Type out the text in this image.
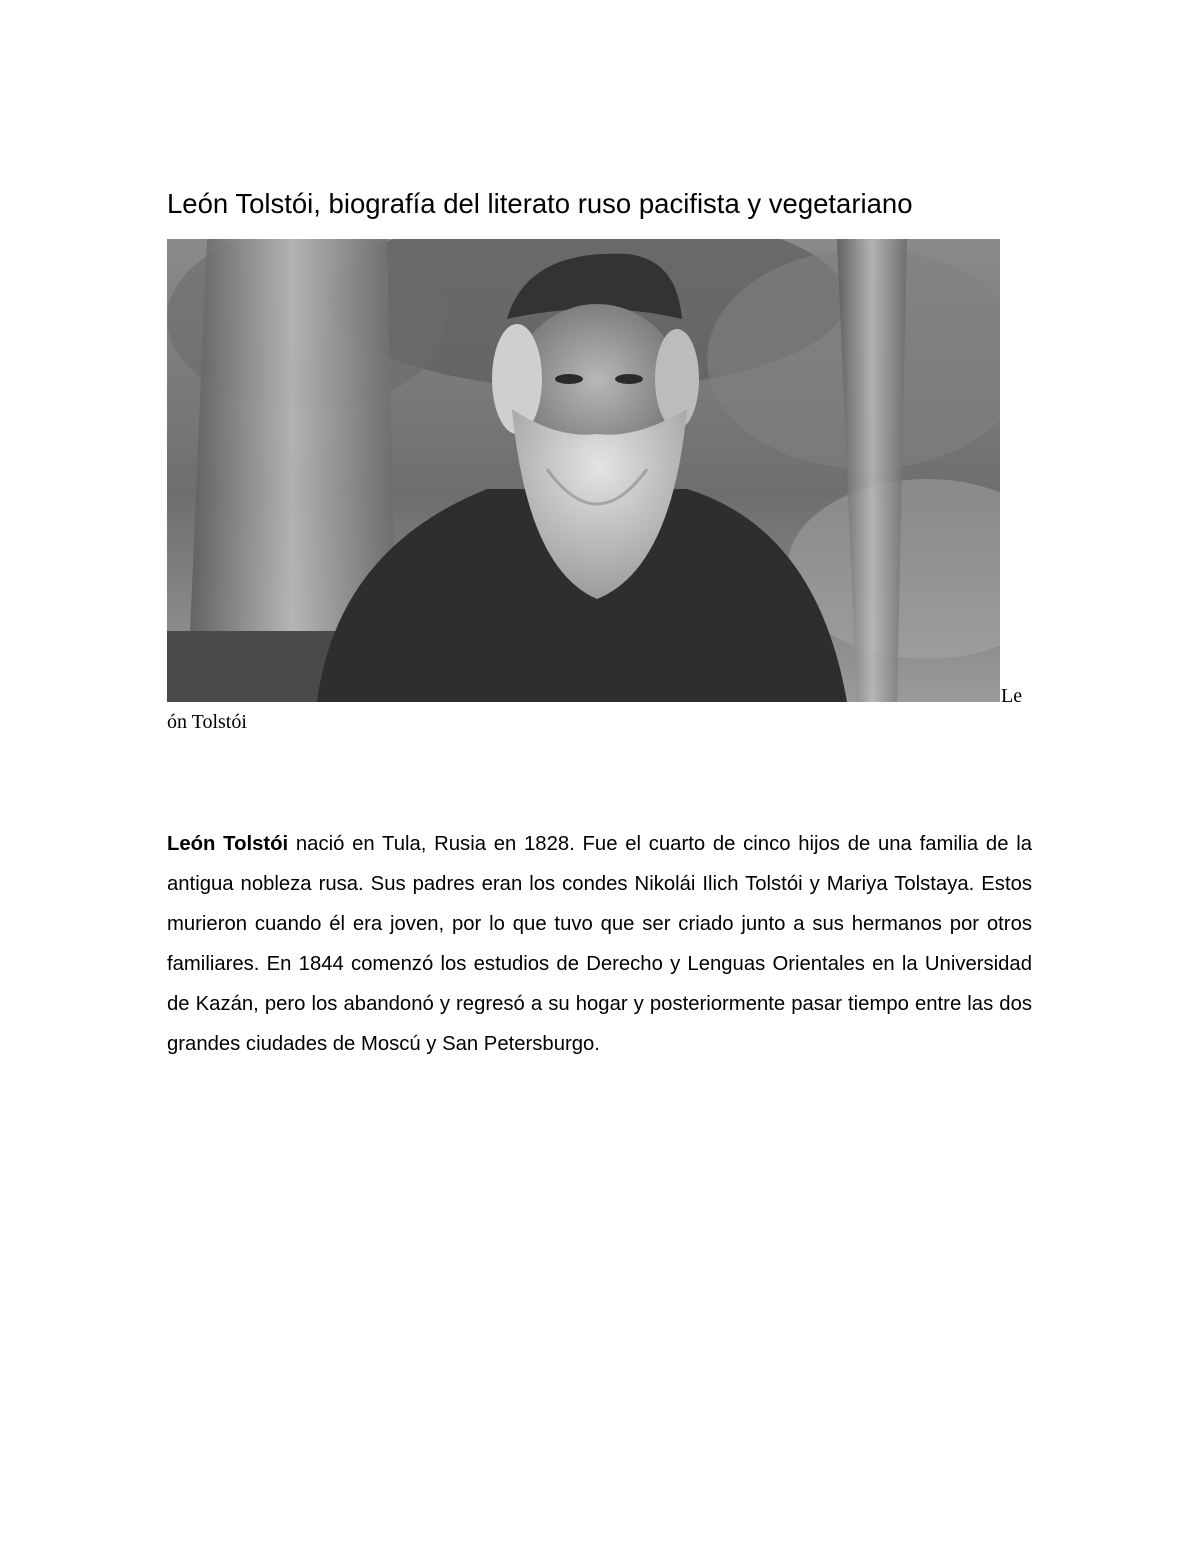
León Tolstói, biografía del literato ruso pacifista y vegetariano
Le
ón Tolstói

León Tolstói nació en Tula, Rusia en 1828. Fue el cuarto de cinco hijos de una familia de la antigua nobleza rusa. Sus padres eran los condes Nikolái Ilich Tolstói y Mariya Tolstaya. Estos murieron cuando él era joven, por lo que tuvo que ser criado junto a sus hermanos por otros familiares. En 1844 comenzó los estudios de Derecho y Lenguas Orientales en la Universidad de Kazán, pero los abandonó y regresó a su hogar y posteriormente pasar tiempo entre las dos grandes ciudades de Moscú y San Petersburgo.
